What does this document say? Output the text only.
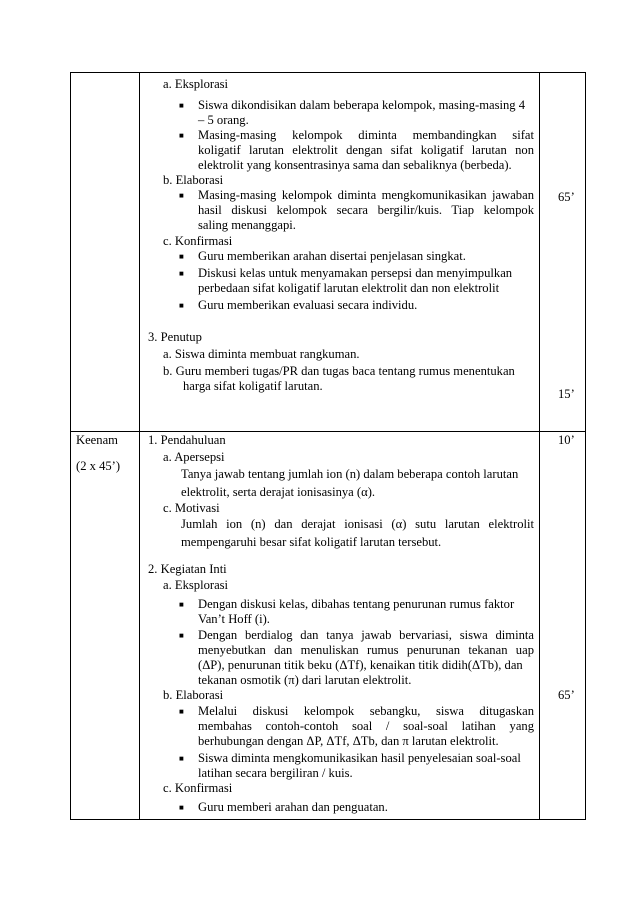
a. Eksplorasi
■ Siswa dikondisikan dalam beberapa kelompok, masing-masing 4
– 5 orang.
■ Masing-masing kelompok diminta membandingkan sifat
koligatif larutan elektrolit dengan sifat koligatif larutan non
elektrolit yang konsentrasinya sama dan sebaliknya (berbeda).
b. Elaborasi
■ Masing-masing kelompok diminta mengkomunikasikan jawaban
hasil diskusi kelompok secara bergilir/kuis. Tiap kelompok
saling menanggapi.
65’
c. Konfirmasi
■ Guru memberikan arahan disertai penjelasan singkat.
■ Diskusi kelas untuk menyamakan persepsi dan menyimpulkan
perbedaan sifat koligatif larutan elektrolit dan non elektrolit
■ Guru memberikan evaluasi secara individu.
3. Penutup
a. Siswa diminta membuat rangkuman.
b. Guru memberi tugas/PR dan tugas baca tentang rumus menentukan
harga sifat koligatif larutan.
15’
Keenam
(2 x 45’)
1. Pendahuluan	10’
a. Apersepsi
Tanya jawab tentang jumlah ion (n) dalam beberapa contoh larutan
elektrolit, serta derajat ionisasinya (α).
c. Motivasi
Jumlah ion (n) dan derajat ionisasi (α) sutu larutan elektrolit
mempengaruhi besar sifat koligatif larutan tersebut.
2. Kegiatan Inti
a. Eksplorasi
■ Dengan diskusi kelas, dibahas tentang penurunan rumus faktor
Van’t Hoff (i).
■ Dengan berdialog dan tanya jawab bervariasi, siswa diminta
menyebutkan dan menuliskan rumus penurunan tekanan uap
(ΔP), penurunan titik beku (ΔTf), kenaikan titik didih(ΔTb), dan
tekanan osmotik (π) dari larutan elektrolit.
b. Elaborasi	65’
■ Melalui diskusi kelompok sebangku, siswa ditugaskan
membahas contoh-contoh soal / soal-soal latihan yang
berhubungan dengan ΔP, ΔTf, ΔTb, dan π larutan elektrolit.
■ Siswa diminta mengkomunikasikan hasil penyelesaian soal-soal
latihan secara bergiliran / kuis.
c. Konfirmasi
■ Guru memberi arahan dan penguatan.
